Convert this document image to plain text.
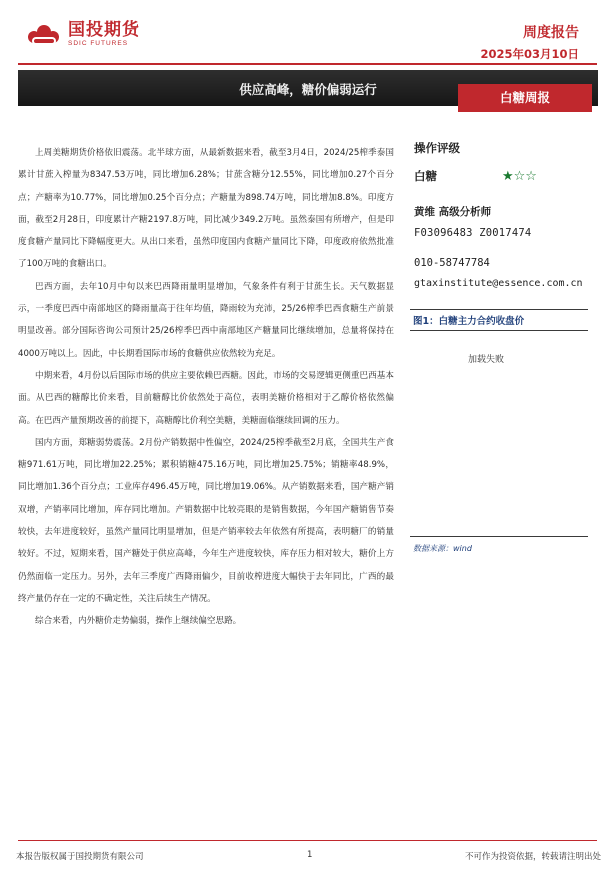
国投期货
SDIC FUTURES
周度报告
2025年03月10日
供应高峰，糖价偏弱运行
白糖周报

上周美糖期货价格依旧震荡。北半球方面，从最新数据来看，截至3月4日，2024/25榨季泰国累计甘蔗入榨量为8347.53万吨，同比增加6.28%；甘蔗含糖分12.55%，同比增加0.27个百分点；产糖率为10.77%，同比增加0.25个百分点；产糖量为898.74万吨，同比增加8.8%。印度方面，截至2月28日，印度累计产糖2197.8万吨，同比减少349.2万吨。虽然泰国有所增产，但是印度食糖产量同比下降幅度更大。从出口来看，虽然印度国内食糖产量同比下降，印度政府依然批准了100万吨的食糖出口。

巴西方面，去年10月中旬以来巴西降雨量明显增加，气象条件有利于甘蔗生长。天气数据显示，一季度巴西中南部地区的降雨量高于往年均值，降雨较为充沛，25/26榨季巴西食糖生产前景明显改善。部分国际咨询公司预计25/26榨季巴西中南部地区产糖量同比继续增加，总量将保持在4000万吨以上。因此，中长期看国际市场的食糖供应依然较为充足。

中期来看，4月份以后国际市场的供应主要依赖巴西糖。因此，市场的交易逻辑更侧重巴西基本面。从巴西的糖醇比价来看，目前糖醇比价依然处于高位，表明美糖价格相对于乙醇价格依然偏高。在巴西产量预期改善的前提下，高糖醇比价利空美糖，美糖面临继续回调的压力。

国内方面，郑糖弱势震荡。2月份产销数据中性偏空，2024/25榨季截至2月底，全国共生产食糖971.61万吨，同比增加22.25%；累积销糖475.16万吨，同比增加25.75%；销糖率48.9%，同比增加1.36个百分点；工业库存496.45万吨，同比增加19.06%。从产销数据来看，国产糖产销双增，产销率同比增加，库存同比增加。产销数据中比较亮眼的是销售数据，今年国产糖销售节奏较快，去年进度较好，虽然产量同比明显增加，但是产销率较去年依然有所提高，表明糖厂的销量较好。不过，短期来看，国产糖处于供应高峰，今年生产进度较快，库存压力相对较大，糖价上方仍然面临一定压力。另外，去年三季度广西降雨偏少，目前收榨进度大幅快于去年同比，广西的最终产量仍存在一定的不确定性，关注后续生产情况。

综合来看，内外糖价走势偏弱，操作上继续偏空思路。

操作评级
白糖	★☆☆
黄维 高级分析师
F03096483 Z0017474
010-58747784
gtaxinstitute@essence.com.cn
图1：白糖主力合约收盘价
加载失败
数据来源：wind
本报告版权属于国投期货有限公司	1	不可作为投资依据，转载请注明出处
